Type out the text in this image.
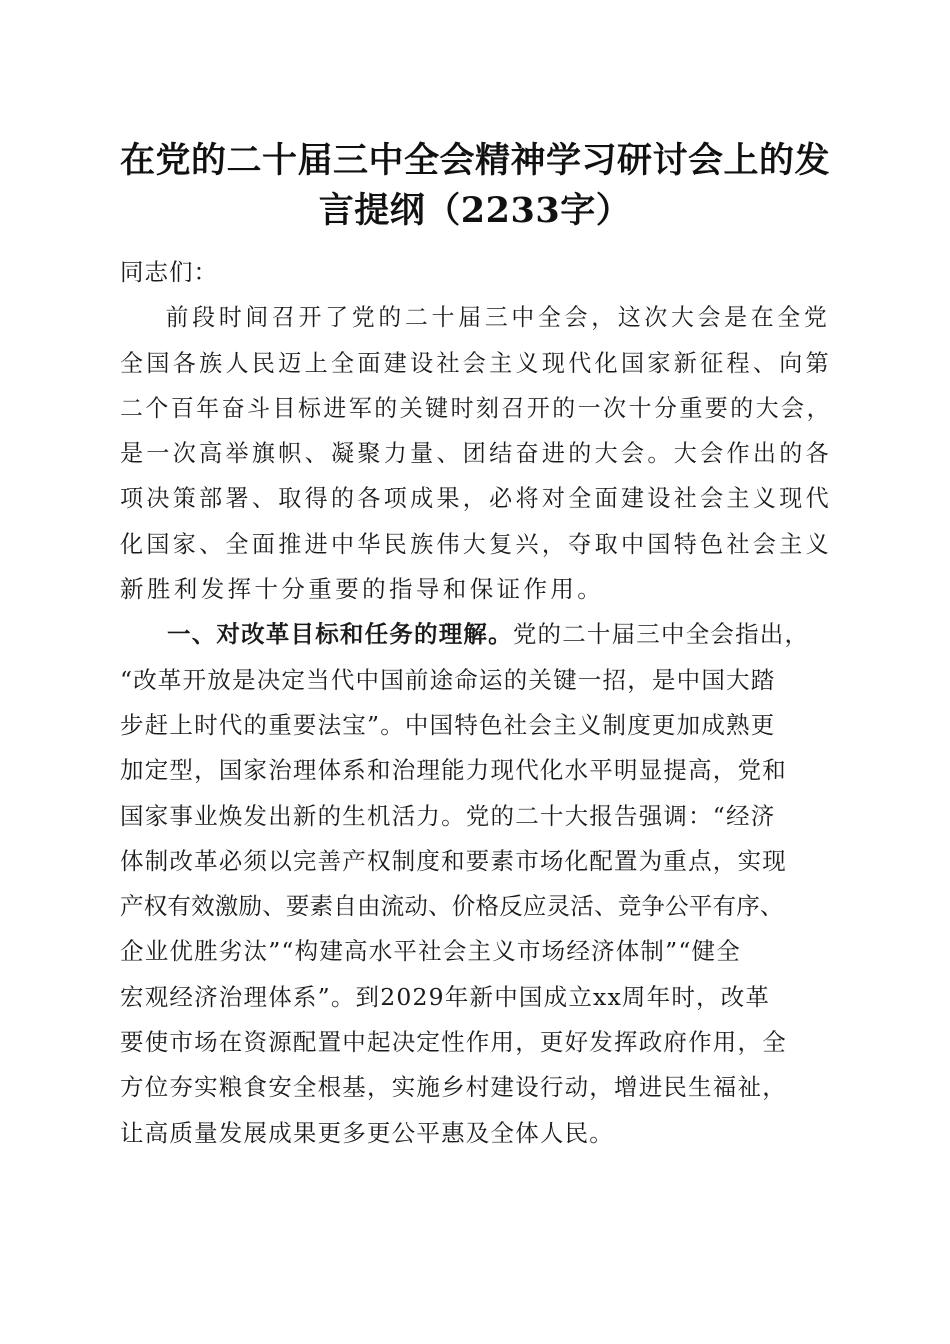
在党的二十届三中全会精神学习研讨会上的发
言提纲（2233字）
同志们：
前段时间召开了党的二十届三中全会，这次大会是在全党
全国各族人民迈上全面建设社会主义现代化国家新征程、向第
二个百年奋斗目标进军的关键时刻召开的一次十分重要的大会，
是一次高举旗帜、凝聚力量、团结奋进的大会。大会作出的各
项决策部署、取得的各项成果，必将对全面建设社会主义现代
化国家、全面推进中华民族伟大复兴，夺取中国特色社会主义
新胜利发挥十分重要的指导和保证作用。
一、对改革目标和任务的理解。党的二十届三中全会指出，
“改革开放是决定当代中国前途命运的关键一招，是中国大踏
步赶上时代的重要法宝”。中国特色社会主义制度更加成熟更
加定型，国家治理体系和治理能力现代化水平明显提高，党和
国家事业焕发出新的生机活力。党的二十大报告强调：“经济
体制改革必须以完善产权制度和要素市场化配置为重点，实现
产权有效激励、要素自由流动、价格反应灵活、竞争公平有序、
企业优胜劣汰”“构建高水平社会主义市场经济体制”“健全
宏观经济治理体系”。到2029年新中国成立xx周年时，改革
要使市场在资源配置中起决定性作用，更好发挥政府作用，全
方位夯实粮食安全根基，实施乡村建设行动，增进民生福祉，
让高质量发展成果更多更公平惠及全体人民。
